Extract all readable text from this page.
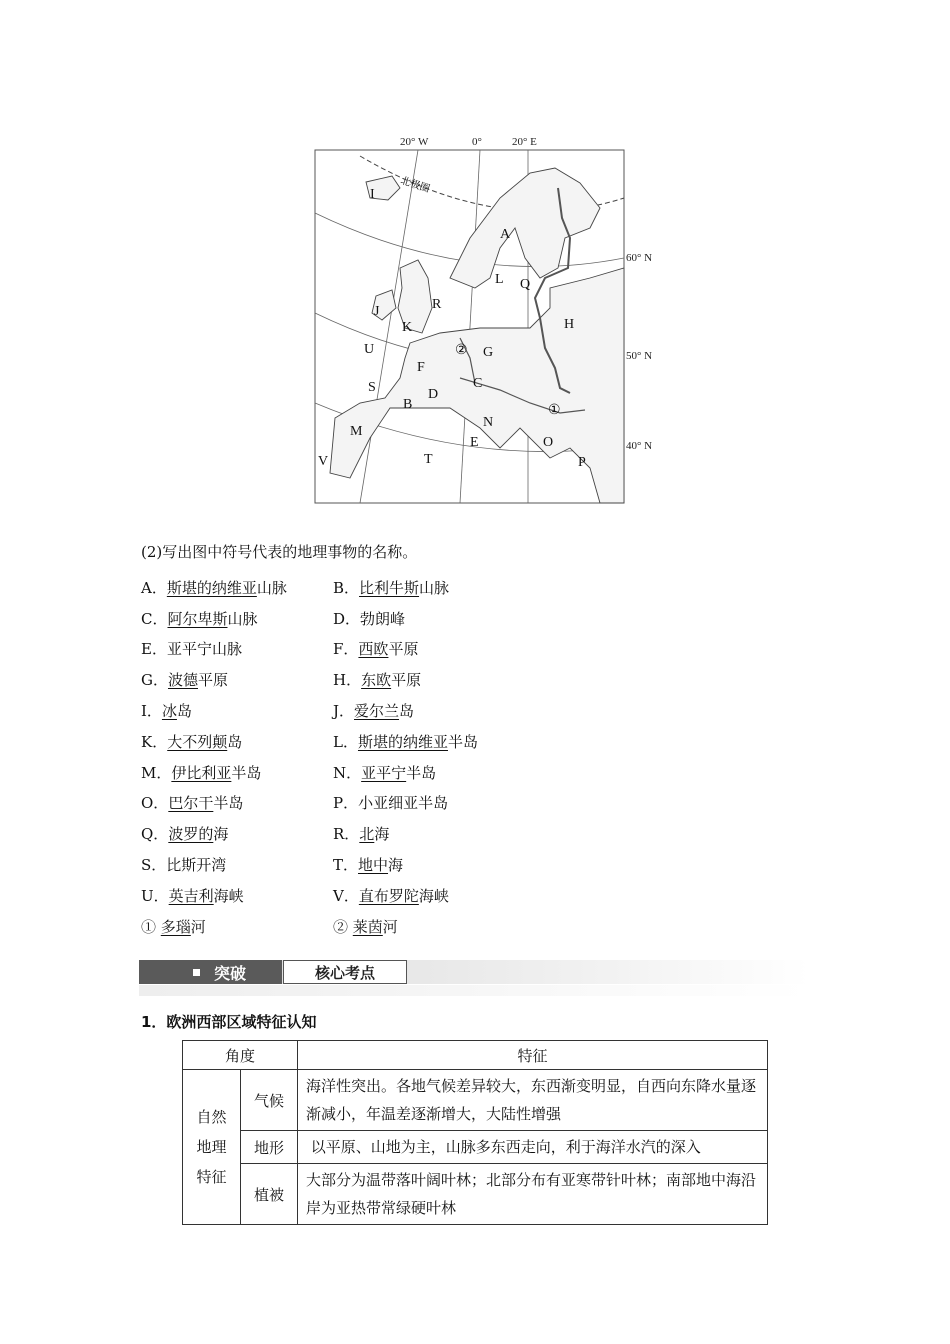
20° W	0°	20° E
北极圈
I
A
L Q
J	R
K	H
U	G
F
S	D
C
B
N
M
E	O
V	T	P
①
②
60° N
50° N
40° N
(2)写出图中符号代表的地理事物的名称。
A．斯堪的纳维亚山脉	B．比利牛斯山脉
C．阿尔卑斯山脉	D．勃朗峰
E．亚平宁山脉	F．西欧平原
G．波德平原	H．东欧平原
I．冰岛	J．爱尔兰岛
K．大不列颠岛	L．斯堪的纳维亚半岛
M．伊比利亚半岛	N．亚平宁半岛
O．巴尔干半岛	P．小亚细亚半岛
Q．波罗的海	R．北海
S．比斯开湾	T．地中海
U．英吉利海峡	V．直布罗陀海峡
① 多瑙河	② 莱茵河
突破	核心考点
1．欧洲西部区域特征认知
角度		特征

自然
地理
特征	气候	海洋性突出。各地气候差异较大，东西渐变明显，自西向东降水量逐渐减小，年温差逐渐增大，大陆性增强
	地形	以平原、山地为主，山脉多东西走向，利于海洋水汽的深入
	植被	大部分为温带落叶阔叶林；北部分布有亚寒带针叶林；南部地中海沿岸为亚热带常绿硬叶林
